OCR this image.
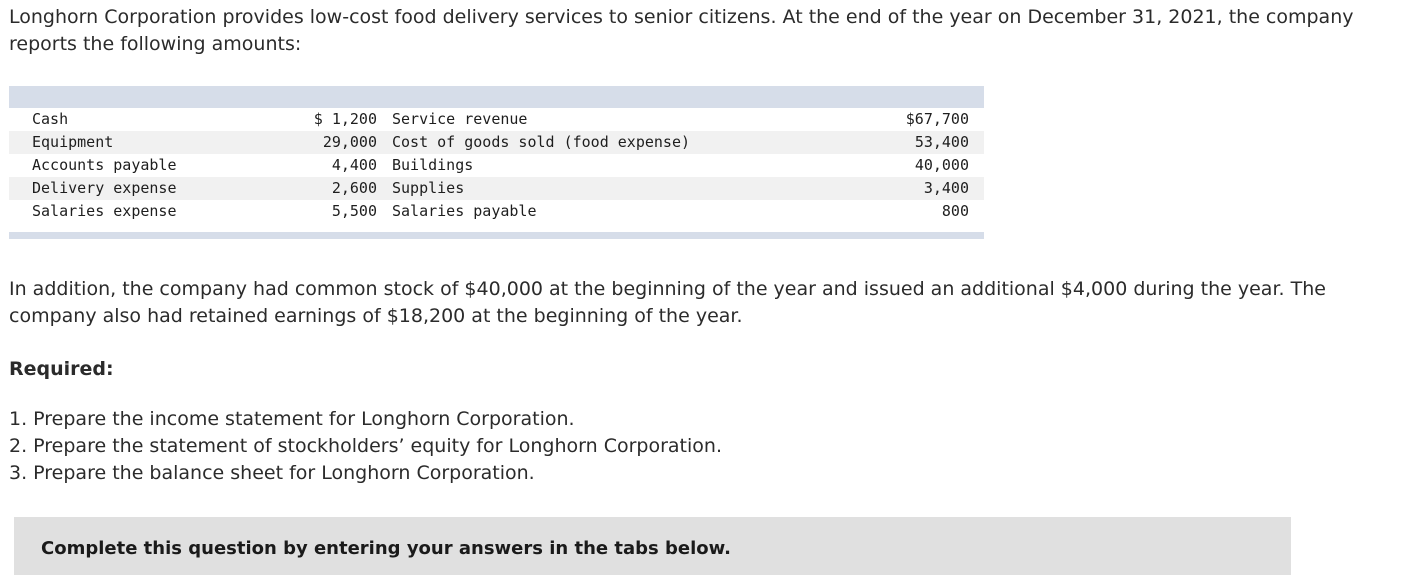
Longhorn Corporation provides low-cost food delivery services to senior citizens. At the end of the year on December 31, 2021, the company reports the following amounts:

Cash	$ 1,200 Service revenue	$67,700
Equipment	29,000 Cost of goods sold (food expense)	53,400
Accounts payable	4,400 Buildings	40,000
Delivery expense	2,600 Supplies	3,400
Salaries expense	5,500 Salaries payable	800

In addition, the company had common stock of $40,000 at the beginning of the year and issued an additional $4,000 during the year. The company also had retained earnings of $18,200 at the beginning of the year.

Required:

1. Prepare the income statement for Longhorn Corporation.
2. Prepare the statement of stockholders’ equity for Longhorn Corporation.
3. Prepare the balance sheet for Longhorn Corporation.

Complete this question by entering your answers in the tabs below.
